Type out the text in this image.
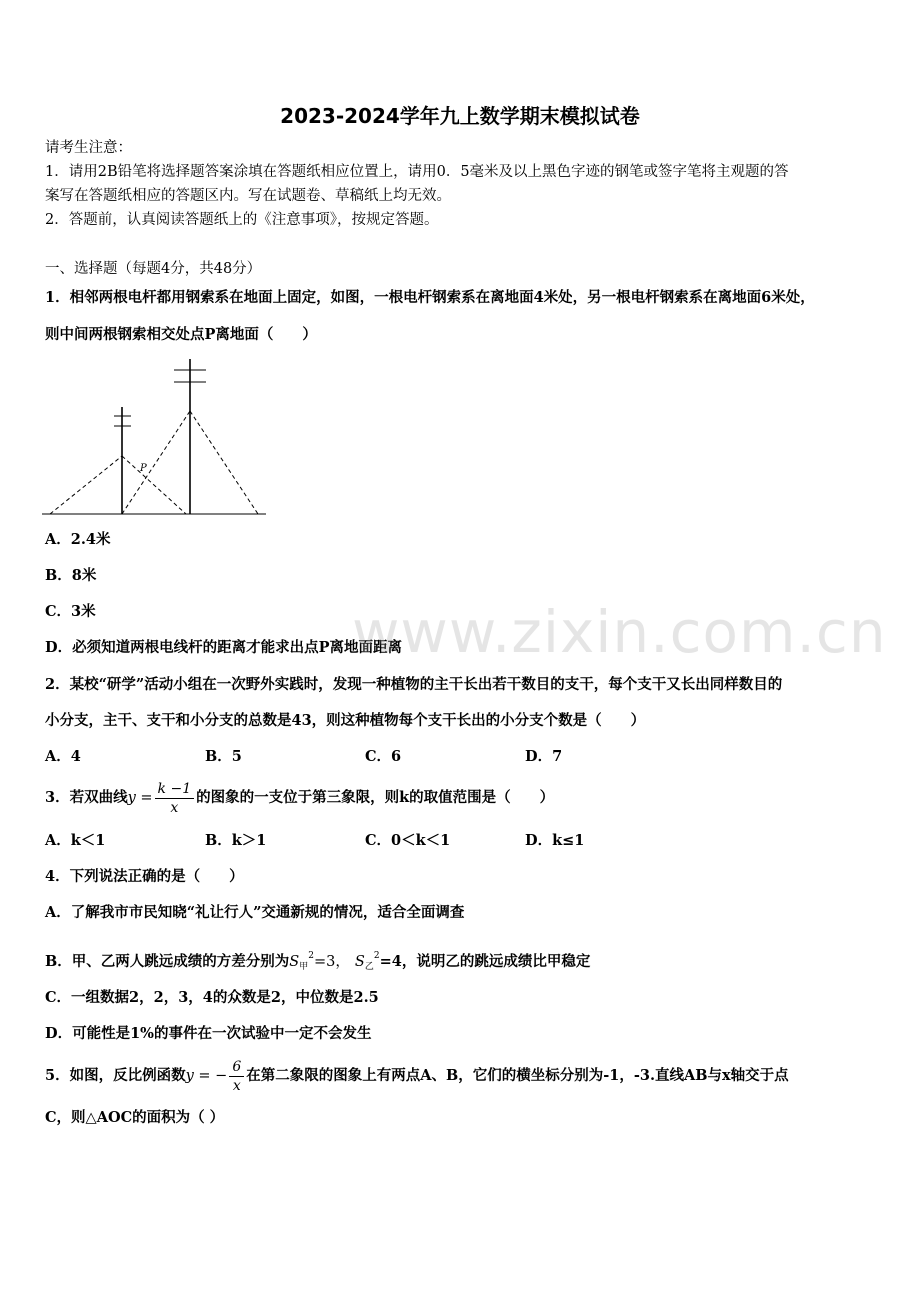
2023-2024学年九上数学期末模拟试卷
请考生注意：
1．请用2B铅笔将选择题答案涂填在答题纸相应位置上，请用0．5毫米及以上黑色字迹的钢笔或签字笔将主观题的答
案写在答题纸相应的答题区内。写在试题卷、草稿纸上均无效。
2．答题前，认真阅读答题纸上的《注意事项》，按规定答题。
一、选择题（每题4分，共48分）
1．相邻两根电杆都用钢索系在地面上固定，如图，一根电杆钢索系在离地面4米处，另一根电杆钢索系在离地面6米处，
则中间两根钢索相交处点P离地面（　　）
P
A．2.4米
B．8米
C．3米
D．必须知道两根电线杆的距离才能求出点P离地面距离
2．某校“研学”活动小组在一次野外实践时，发现一种植物的主干长出若干数目的支干，每个支干又长出同样数目的
小分支，主干、支干和小分支的总数是43，则这种植物每个支干长出的小分支个数是（　　）
A．4	B．5	C．6	D．7
3．若双曲线$y = \frac{k -1}{x}$ 的图象的一支位于第三象限，则k的取值范围是（　　）
A．k＜1	B．k＞1	C．0＜k＜1	D．k≤1
4．下列说法正确的是（　　）
A．了解我市市民知晓“礼让行人”交通新规的情况，适合全面调查
B．甲、乙两人跳远成绩的方差分别为$S_甲^2=3$， $S_乙^2=4$，说明乙的跳远成绩比甲稳定
C．一组数据2，2，3，4的众数是2，中位数是2.5
D．可能性是1%的事件在一次试验中一定不会发生
5．如图，反比例函数y = − $\frac{6}{x}$ 在第二象限的图象上有两点A、B，它们的横坐标分别为-1，-3.直线AB与x轴交于点
C，则△AOC的面积为（ ）
www.zixin.com.cn
